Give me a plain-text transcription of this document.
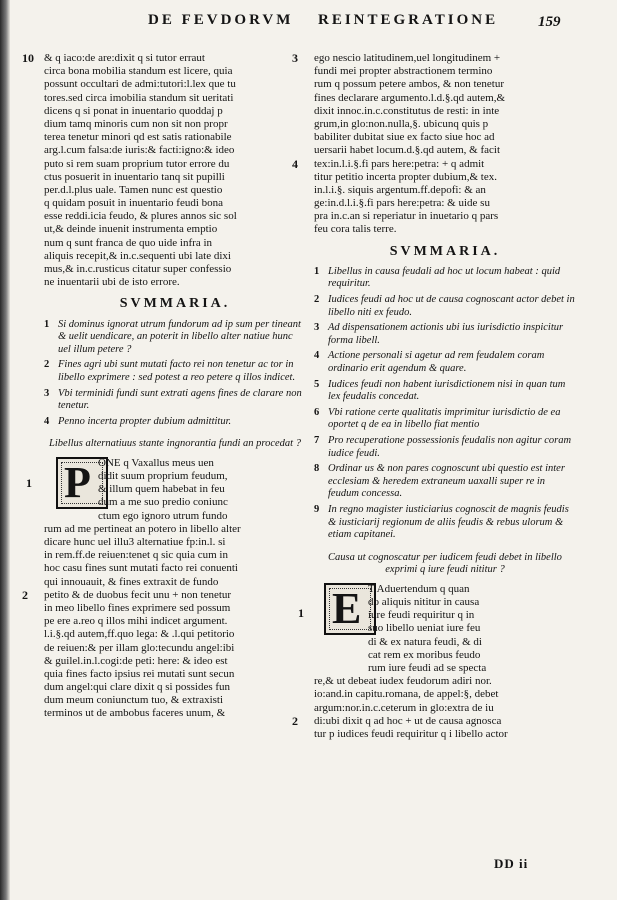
DE FEVDORVM REINTEGRATIONE	159
10 & q iaco:de are:dixit q si tutor erraut
circa bona mobilia standum est licere, quia
possunt occultari de admi:tutori:l.lex que tu
tores.sed circa imobilia standum sit ueritati
dicens q si ponat in inuentario quoddaj p
dium tamq minoris cum non sit non propr
terea tenetur minori qd est satis rationabile
arg.l.cum falsa:de iuris:& facti:igno:& ideo
puto si rem suam proprium tutor errore du
ctus posuerit in inuentario tanq sit pupilli
per.d.l.plus uale. Tamen nunc est questio
q quidam posuit in inuentario feudi bona
esse reddi.icia feudo, & plures annos sic sol
ut,& deinde inuenit instrumenta emptio
num q sunt franca de quo uide infra in
aliquis recepit,& in.c.sequenti ubi late dixi
mus,& in.c.rusticus citatur super confessio
ne inuentarii ubi de isto errore.
SVMMARIA.
1 Si dominus ignorat utrum fundorum ad ip sum per tineant & uelit uendicare, an poterit in libello alter natiue hunc uel illum petere ?
2 Fines agri ubi sunt mutati facto rei non tenetur ac tor in libello exprimere : sed potest a reo petere q illos indicet.
3 Vbi terminidi fundi sunt extrati agens fines de clarare non tenetur.
4 Penno incerta propter dubium admittitur.
Libellus alternatiuus stante ingnorantia fundi an procedat ?
P
1
ONE q Vaxallus meus uen
didit suum proprium feudum,
& illum quem habebat in feu
dum a me suo predio coniunc
ctum ego ignoro utrum fundo
rum ad me pertineat an potero in libello alter
dicare hunc uel illu3 alternatiue fp:in.l. si
in rem.ff.de reiuen:tenet q sic quia cum in
hoc casu fines sunt mutati facto rei conuenti
qui innouauit, & fines extraxit de fundo
2 petito & de duobus fecit unu + non tenetur
in meo libello fines exprimere sed possum
pe ere a.reo q illos mihi indicet argument.
l.i.§.qd autem,ff.quo lega: & .l.qui petitorio
de reiuen:& per illam glo:tecundu angel:ibi
& guilel.in.l.cogi:de peti: here: & ideo est
quia fines facto ipsius rei mutati sunt secun
dum angel:qui clare dixit q si possides fun
dum meum coniunctum tuo, & extraxisti
terminos ut de ambobus faceres unum, &
3 ego nescio latitudinem,uel longitudinem +
fundi mei propter abstractionem termino
rum q possum petere ambos, & non tenetur
fines declarare argumento.l.d.§.qd autem,&
dixit innoc.in.c.constitutus de resti: in inte
grum,in glo:non.nulla,§. ubicunq quis p
babiliter dubitat siue ex facto siue hoc ad
uersarii habet locum.d.§.qd autem, & facit
4 tex:in.l.i.§.fi pars here:petra: + q admit
titur petitio incerta propter dubium,& tex.
in.l.i.§. siquis argentum.ff.depofi: & an
ge:in.d.l.i.§.fi pars here:petra: & uide su
pra in.c.an si reperiatur in inuetario q pars
feu cora talis terre.
SVMMARIA.
1 Libellus in causa feudali ad hoc ut locum habeat : quid requiritur.
2 Iudices feudi ad hoc ut de causa cognoscant actor debet in libello niti ex feudo.
3 Ad dispensationem actionis ubi ius iurisdictio inspicitur forma libell.
4 Actione personali si agetur ad rem feudalem coram ordinario erit agendum & quare.
5 Iudices feudi non habent iurisdictionem nisi in quan tum lex feudalis concedat.
6 Vbi ratione certe qualitatis imprimitur iurisdictio de ea oportet q de ea in libello fiat mentio
7 Pro recuperatione possessionis feudalis non agitur coram iudice feudi.
8 Ordinar us & non pares cognoscunt ubi questio est inter ecclesiam & heredem extraneum uaxalli super re in feudum concessa.
9 In regno magister iusticiarius cognoscit de magnis feudis & iusticiarij regionum de aliis feudis & rebus ulorum & etiam capitanei.
Causa ut cognoscatur per iudicem feudi debet in libello exprimi q iure feudi nititur ?
E
1
T Aduertendum q quan
do aliquis nititur in causa
iure feudi requiritur q in
suo libello ueniat iure feu
di & ex natura feudi, & di
cat rem ex moribus feudo
rum iure feudi ad se specta
re,& ut debeat iudex feudorum adiri nor.
io:and.in capitu.romana, de appel:§, debet
argum:nor.in.c.ceterum in glo:extra de iu
2 di:ubi dixit q ad hoc + ut de causa agnosca
tur p iudices feudi requiritur q i libello actor
DD ii
